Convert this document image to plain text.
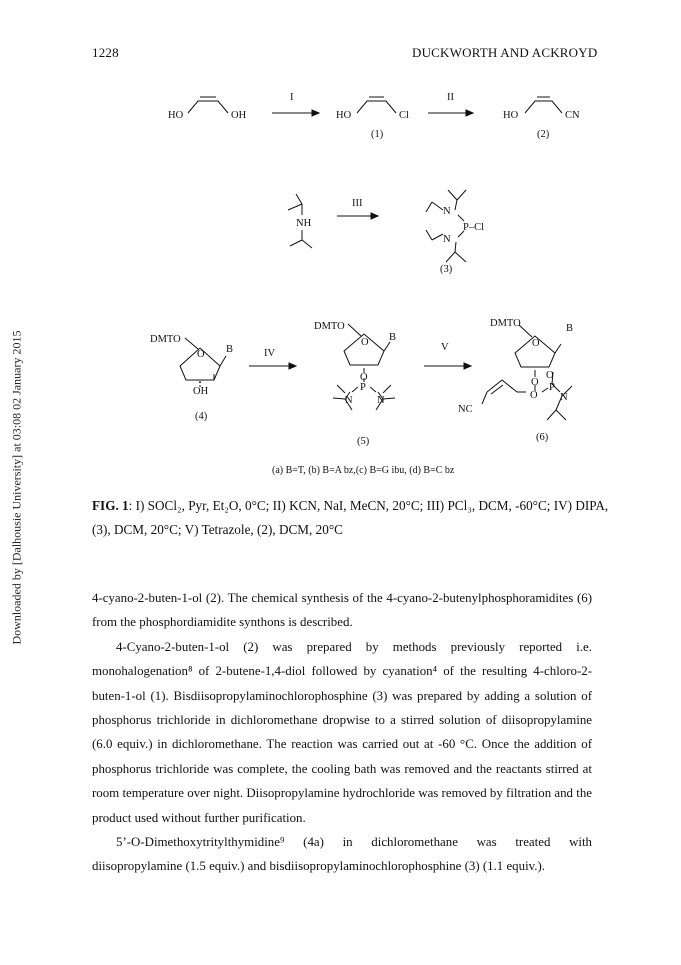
1228	DUCKWORTH AND ACKROYD
Downloaded by [Dalhousie University] at 03:08 02 January 2015
HO	OH
I
HO	Cl
(1)
II
HO	CN
(2)
NH
III
N
P–Cl
N
(3)
DMTO
O B
OH
(4)
IV
DMTO
O B
O
P
N N
(5)
V
DMTO
O
B
O
O
O
P
N
NC
(6)
(a) B=T, (b) B=A bz,(c) B=G ibu, (d) B=C bz
FIG. 1: I) SOCl₂, Pyr, Et₂O, 0°C; II) KCN, NaI, MeCN, 20°C; III) PCl₃, DCM, -60°C; IV) DIPA, (3), DCM, 20°C; V) Tetrazole, (2), DCM, 20°C

4-cyano-2-buten-1-ol (2). The chemical synthesis of the 4-cyano-2-butenylphosphoramidites (6) from the phosphordiamidite synthons is described.

4-Cyano-2-buten-1-ol (2) was prepared by methods previously reported i.e. monohalogenation⁸ of 2-butene-1,4-diol followed by cyanation⁴ of the resulting 4-chloro-2-buten-1-ol (1). Bisdiisopropylaminochlorophosphine (3) was prepared by adding a solution of phosphorus trichloride in dichloromethane dropwise to a stirred solution of diisopropylamine (6.0 equiv.) in dichloromethane. The reaction was carried out at -60 °C. Once the addition of phosphorus trichloride was complete, the cooling bath was removed and the reactants stirred at room temperature over night. Diisopropylamine hydrochloride was removed by filtration and the product used without further purification.

5’-O-Dimethoxytritylthymidine⁹ (4a) in dichloromethane was treated with diisopropylamine (1.5 equiv.) and bisdiisopropylaminochlorophosphine (3) (1.1 equiv.).
